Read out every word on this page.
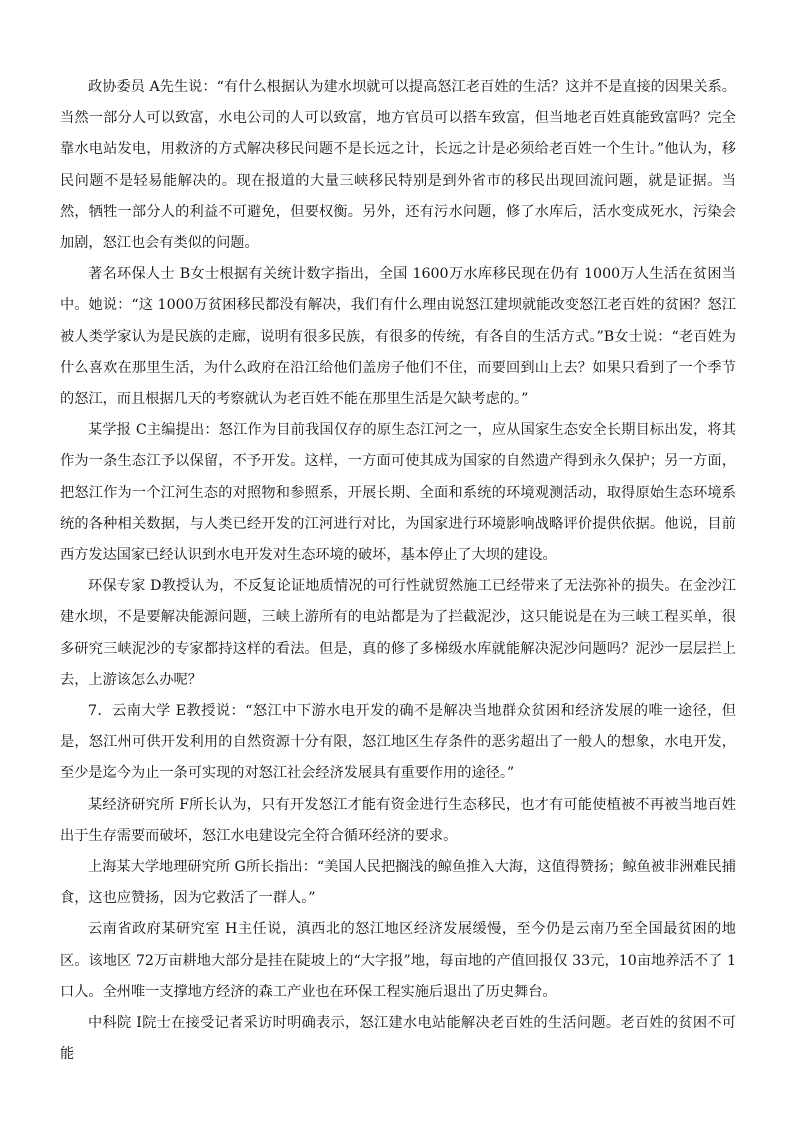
政协委员 A先生说：“有什么根据认为建水坝就可以提高怒江老百姓的生活？这并不是直接的因果关系。当然一部分人可以致富，水电公司的人可以致富，地方官员可以搭车致富，但当地老百姓真能致富吗？完全靠水电站发电，用救济的方式解决移民问题不是长远之计，长远之计是必须给老百姓一个生计。”他认为，移民问题不是轻易能解决的。现在报道的大量三峡移民特别是到外省市的移民出现回流问题，就是证据。当然，牺牲一部分人的利益不可避免，但要权衡。另外，还有污水问题，修了水库后，活水变成死水，污染会加剧，怒江也会有类似的问题。

著名环保人士 B女士根据有关统计数字指出，全国 1600万水库移民现在仍有 1000万人生活在贫困当中。她说：“这 1000万贫困移民都没有解决，我们有什么理由说怒江建坝就能改变怒江老百姓的贫困？怒江被人类学家认为是民族的走廊，说明有很多民族，有很多的传统，有各自的生活方式。”B女士说：“老百姓为什么喜欢在那里生活，为什么政府在沿江给他们盖房子他们不住，而要回到山上去？如果只看到了一个季节的怒江，而且根据几天的考察就认为老百姓不能在那里生活是欠缺考虑的。”

某学报 C主编提出：怒江作为目前我国仅存的原生态江河之一，应从国家生态安全长期目标出发，将其作为一条生态江予以保留，不予开发。这样，一方面可使其成为国家的自然遗产得到永久保护；另一方面，把怒江作为一个江河生态的对照物和参照系，开展长期、全面和系统的环境观测活动，取得原始生态环境系统的各种相关数据，与人类已经开发的江河进行对比，为国家进行环境影响战略评价提供依据。他说，目前西方发达国家已经认识到水电开发对生态环境的破坏，基本停止了大坝的建设。

环保专家 D教授认为，不反复论证地质情况的可行性就贸然施工已经带来了无法弥补的损失。在金沙江建水坝，不是要解决能源问题，三峡上游所有的电站都是为了拦截泥沙，这只能说是在为三峡工程买单，很多研究三峡泥沙的专家都持这样的看法。但是，真的修了多梯级水库就能解决泥沙问题吗？泥沙一层层拦上去，上游该怎么办呢？

7．云南大学 E教授说：“怒江中下游水电开发的确不是解决当地群众贫困和经济发展的唯一途径，但是，怒江州可供开发利用的自然资源十分有限，怒江地区生存条件的恶劣超出了一般人的想象，水电开发，至少是迄今为止一条可实现的对怒江社会经济发展具有重要作用的途径。”

某经济研究所 F所长认为，只有开发怒江才能有资金进行生态移民，也才有可能使植被不再被当地百姓出于生存需要而破坏，怒江水电建设完全符合循环经济的要求。

上海某大学地理研究所 G所长指出：“美国人民把搁浅的鲸鱼推入大海，这值得赞扬；鲸鱼被非洲难民捕食，这也应赞扬，因为它救活了一群人。”

云南省政府某研究室 H主任说，滇西北的怒江地区经济发展缓慢，至今仍是云南乃至全国最贫困的地区。该地区 72万亩耕地大部分是挂在陡坡上的“大字报”地，每亩地的产值回报仅 33元，10亩地养活不了 1口人。全州唯一支撑地方经济的森工产业也在环保工程实施后退出了历史舞台。

中科院 I院士在接受记者采访时明确表示，怒江建水电站能解决老百姓的生活问题。老百姓的贫困不可能
